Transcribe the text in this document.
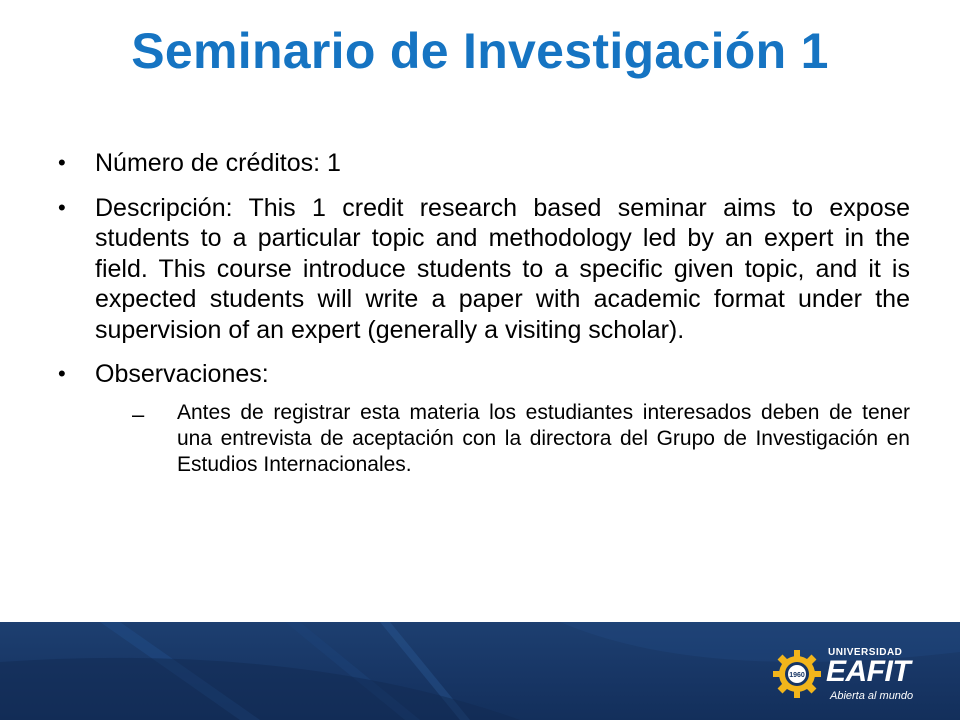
Seminario de Investigación 1
• Número de créditos: 1
• Descripción: This 1 credit research based seminar aims to expose students to a particular topic and methodology led by an expert in the field. This course introduce students to a specific given topic, and it is expected students will write a paper with academic format under the supervision of an expert (generally a visiting scholar).
• Observaciones:
– Antes de registrar esta materia los estudiantes interesados deben de tener una entrevista de aceptación con la directora del Grupo de Investigación en Estudios Internacionales.
1960
UNIVERSIDAD
EAFIT
Abierta al mundo
